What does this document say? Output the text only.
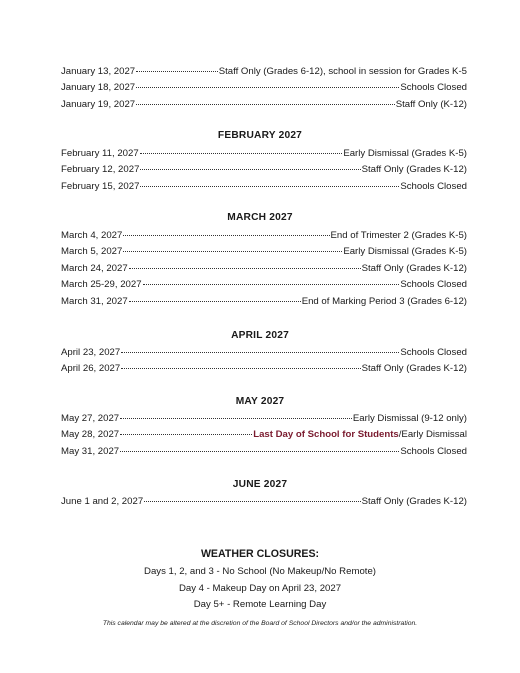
January 13, 2027	Staff Only (Grades 6-12), school in session for Grades K-5
January 18, 2027	Schools Closed
January 19, 2027	Staff Only (K-12)
FEBRUARY 2027
February 11, 2027	Early Dismissal (Grades K-5)
February 12, 2027	Staff Only (Grades K-12)
February 15, 2027	Schools Closed
MARCH 2027
March 4, 2027	End of Trimester 2 (Grades K-5)
March 5, 2027	Early Dismissal (Grades K-5)
March 24, 2027	Staff Only (Grades K-12)
March 25-29, 2027	Schools Closed
March 31, 2027	End of Marking Period 3 (Grades 6-12)
APRIL 2027
April 23, 2027	Schools Closed
April 26, 2027	Staff Only (Grades K-12)
MAY 2027
May 27, 2027	Early Dismissal (9-12 only)
May 28, 2027	Last Day of School for Students/Early Dismissal
May 31, 2027	Schools Closed
JUNE 2027
June 1 and 2, 2027	Staff Only (Grades K-12)
WEATHER CLOSURES:
Days 1, 2, and 3 - No School (No Makeup/No Remote)
Day 4 - Makeup Day on April 23, 2027
Day 5+ - Remote Learning Day
This calendar may be altered at the discretion of the Board of School Directors and/or the administration.
